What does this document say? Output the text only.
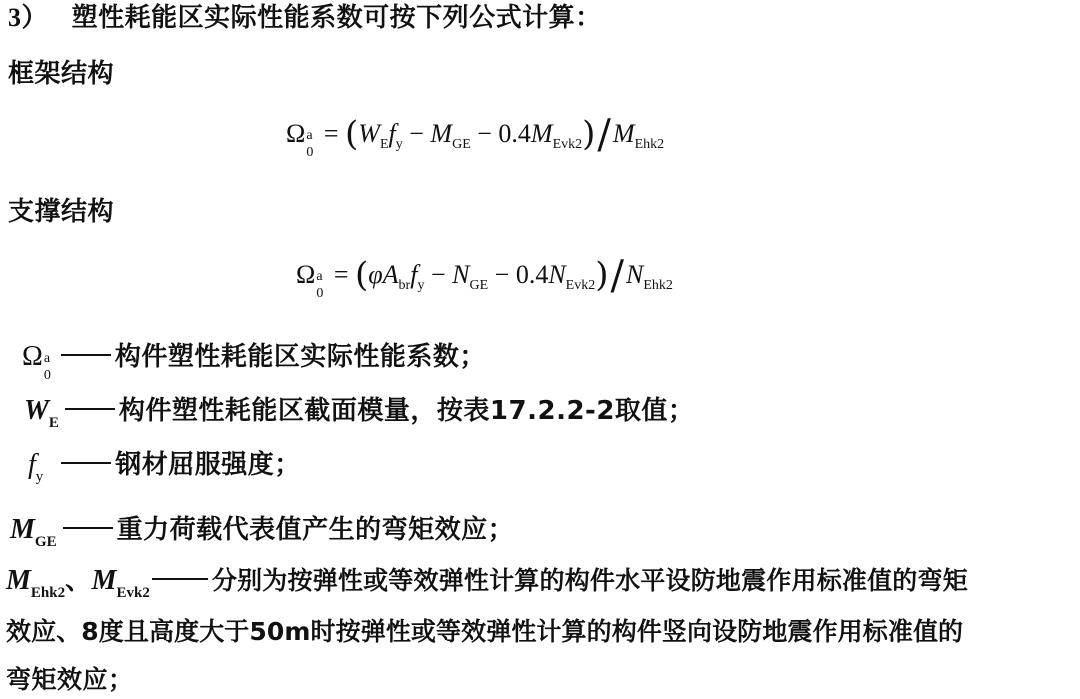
3） 塑性耗能区实际性能系数可按下列公式计算：
框架结构
Ω a
0
= $(W_Ef_y - M_{GE} - 0.4M_{Evk2})/M_{Ehk2}$
支撑结构
Ω a
0
= $(\varphi A_{br}f_y - N_{GE} - 0.4N_{Evk2})/N_{Ehk2}$
Ω a
0
构件塑性耗能区实际性能系数；
$W_E$ 构件塑性耗能区截面模量，按表17.2.2-2取值；
$f_y$	钢材屈服强度；
$M_{GE}$ 重力荷载代表值产生的弯矩效应；
$M_{Ehk2}$、$M_{Evk2}$ 分别为按弹性或等效弹性计算的构件水平设防地震作用标准值的弯矩
效应、8度且高度大于50m时按弹性或等效弹性计算的构件竖向设防地震作用标准值的
弯矩效应；
